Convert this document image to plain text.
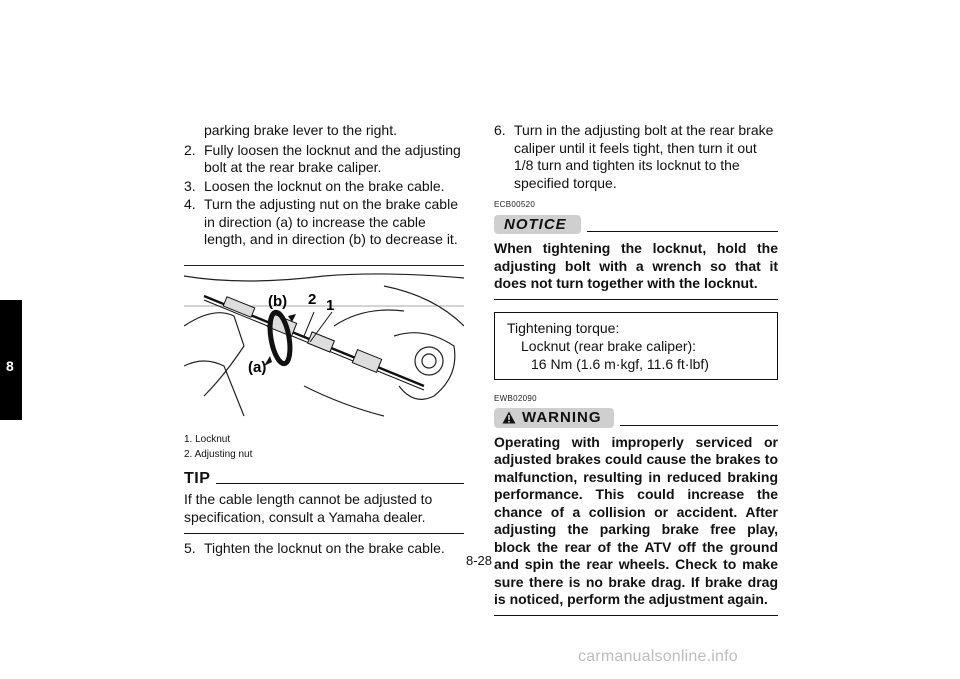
8
parking brake lever to the right.
2. Fully loosen the locknut and the adjusting bolt at the rear brake caliper.
3. Loosen the locknut on the brake cable.
4. Turn the adjusting nut on the brake cable in direction (a) to increase the cable length, and in direction (b) to decrease it.
(b)
(a)
2 1
1. Locknut
2. Adjusting nut
TIP
If the cable length cannot be adjusted to specification, consult a Yamaha dealer.
5. Tighten the locknut on the brake cable.
6. Turn in the adjusting bolt at the rear brake caliper until it feels tight, then turn it out 1/8 turn and tighten its locknut to the specified torque.
ECB00520
NOTICE
When tightening the locknut, hold the adjusting bolt with a wrench so that it does not turn together with the locknut.
Tightening torque:
Locknut (rear brake caliper):
16 Nm (1.6 m·kgf, 11.6 ft·lbf)
EWB02090
WARNING
Operating with improperly serviced or adjusted brakes could cause the brakes to malfunction, resulting in reduced braking performance. This could increase the chance of a collision or accident. After adjusting the parking brake free play, block the rear of the ATV off the ground and spin the rear wheels. Check to make sure there is no brake drag. If brake drag is noticed, perform the adjustment again.
8-28
carmanualsonline.info
